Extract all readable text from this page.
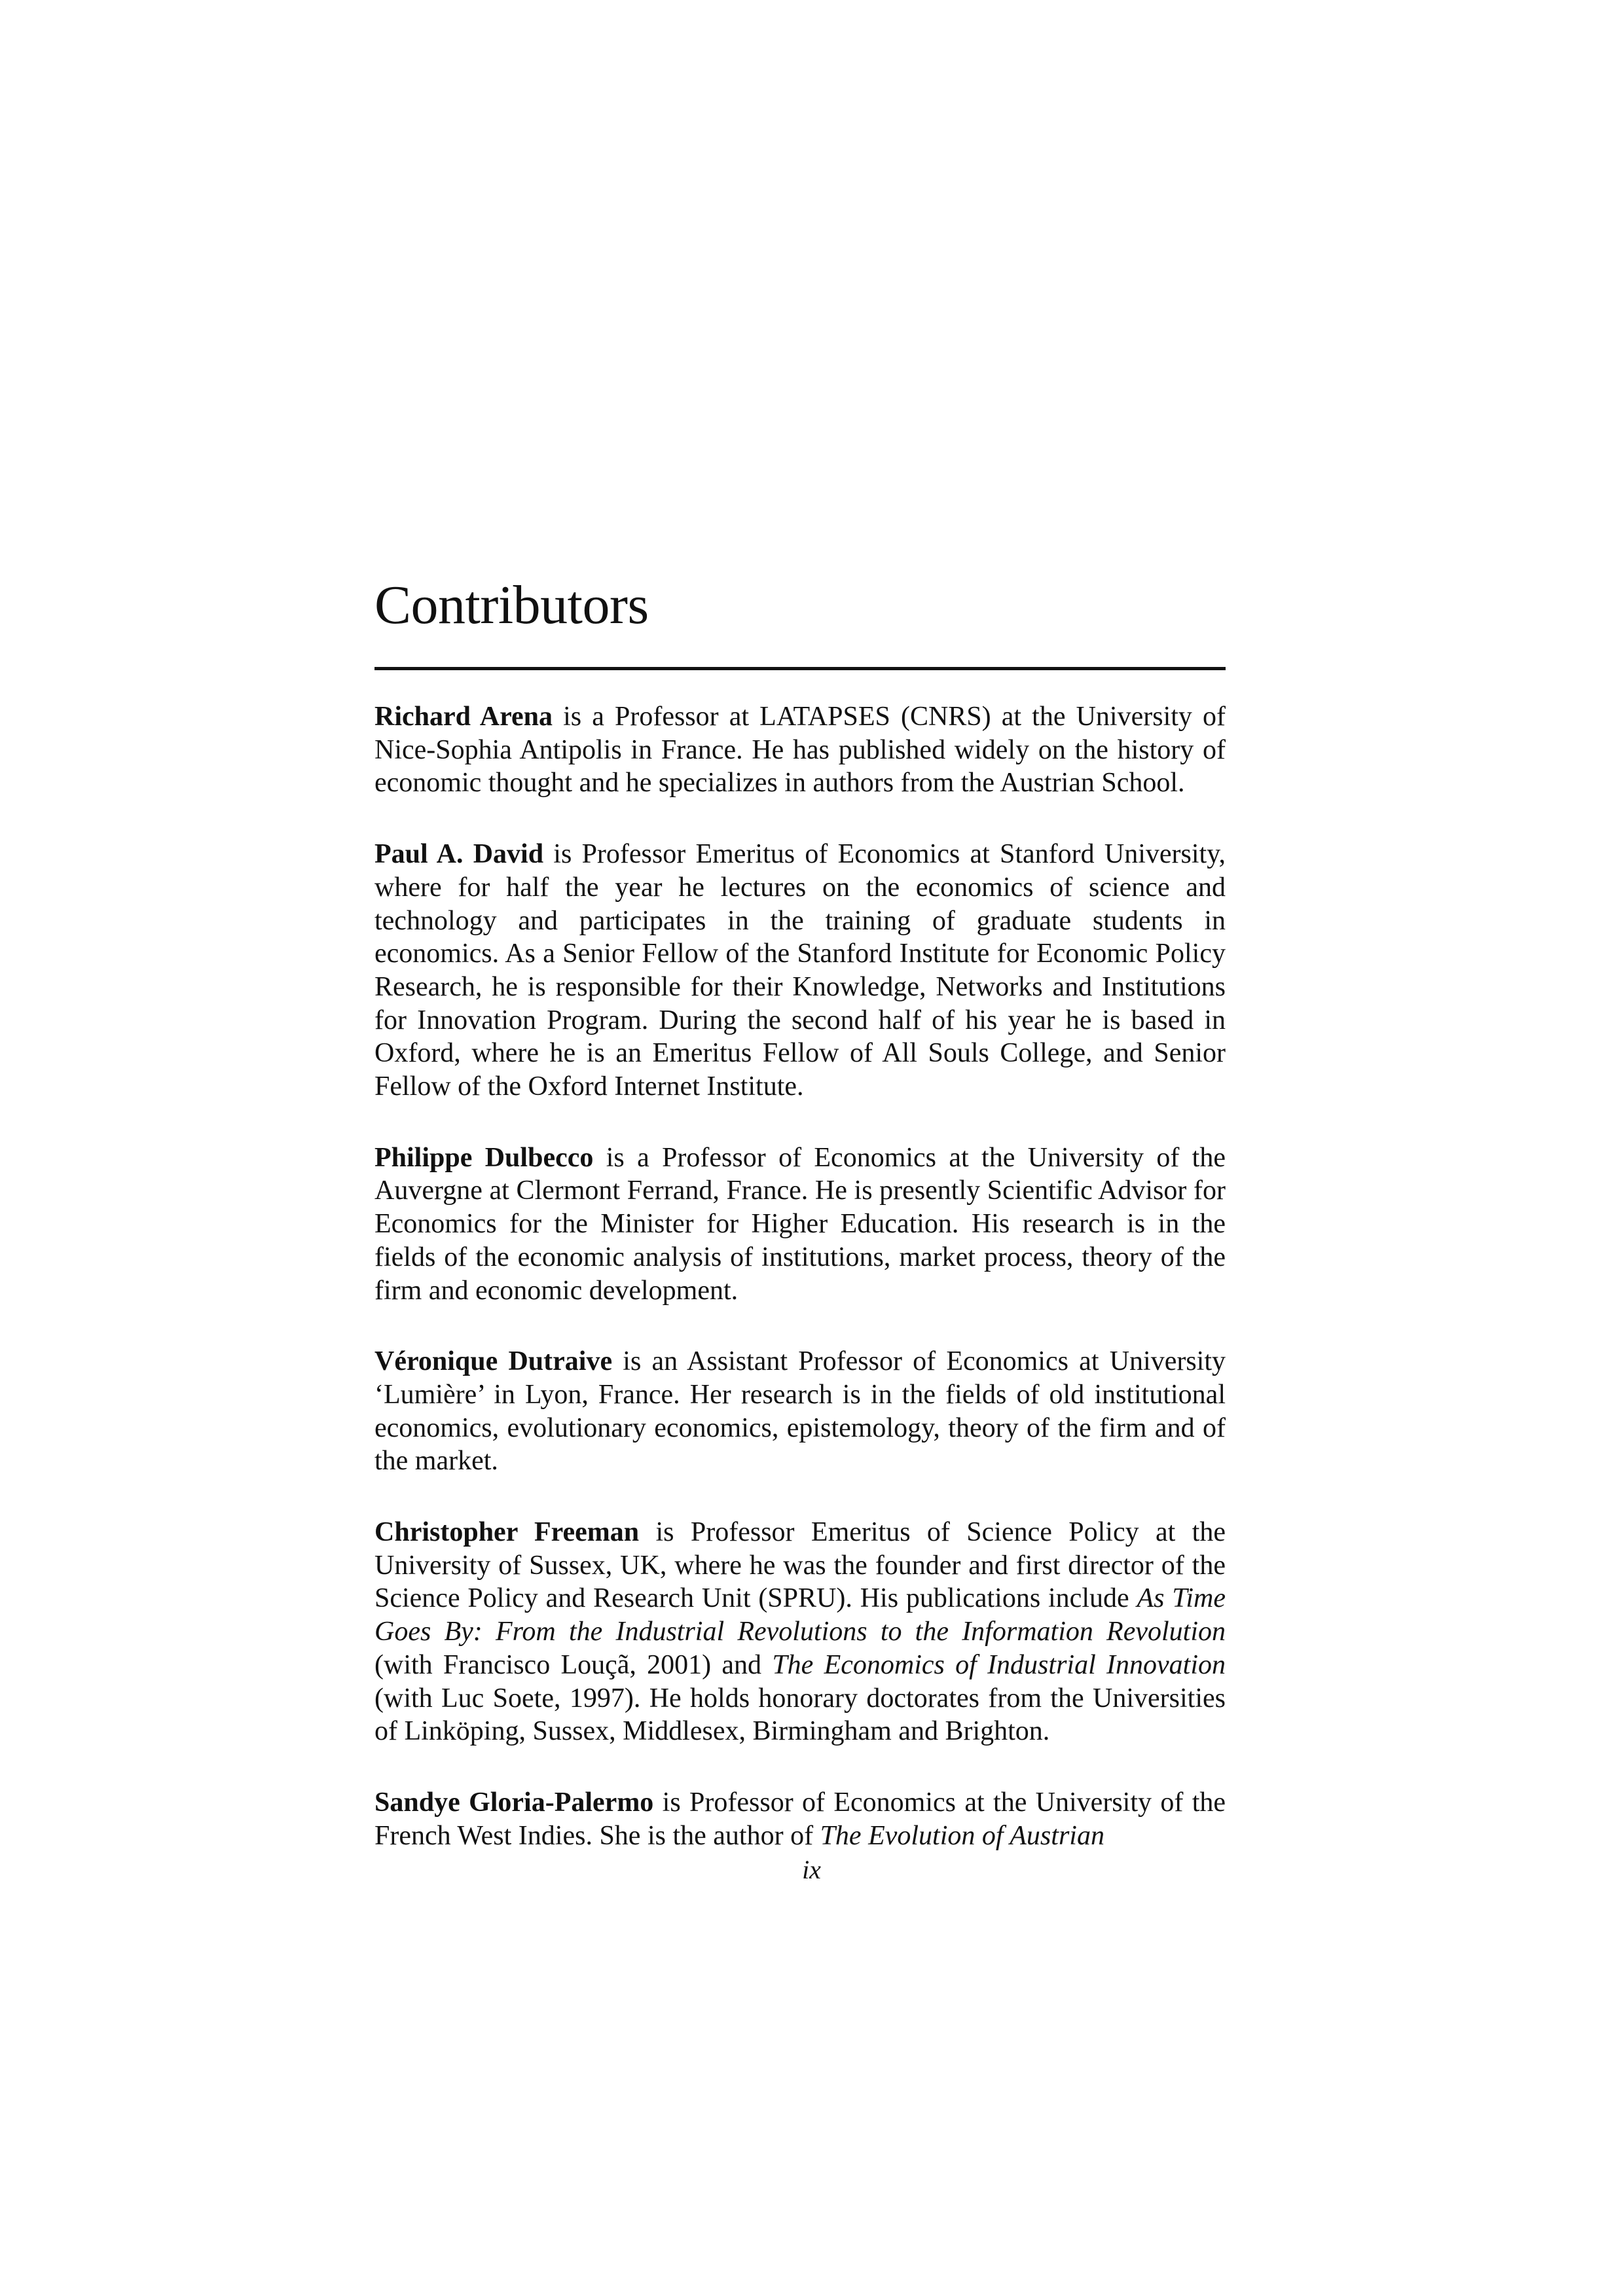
Contributors

Richard Arena is a Professor at LATAPSES (CNRS) at the University of Nice-Sophia Antipolis in France. He has published widely on the history of economic thought and he specializes in authors from the Austrian School.

Paul A. David is Professor Emeritus of Economics at Stanford University, where for half the year he lectures on the economics of science and technology and participates in the training of graduate students in economics. As a Senior Fellow of the Stanford Institute for Economic Policy Research, he is responsible for their Knowledge, Networks and Institutions for Innovation Program. During the second half of his year he is based in Oxford, where he is an Emeritus Fellow of All Souls College, and Senior Fellow of the Oxford Internet Institute.

Philippe Dulbecco is a Professor of Economics at the University of the Auvergne at Clermont Ferrand, France. He is presently Scientific Advisor for Economics for the Minister for Higher Education. His research is in the fields of the economic analysis of institutions, market process, theory of the firm and economic development.

Véronique Dutraive is an Assistant Professor of Economics at University ‘Lumière’ in Lyon, France. Her research is in the fields of old institutional economics, evolutionary economics, epistemology, theory of the firm and of the market.

Christopher Freeman is Professor Emeritus of Science Policy at the University of Sussex, UK, where he was the founder and first director of the Science Policy and Research Unit (SPRU). His publications include As Time Goes By: From the Industrial Revolutions to the Information Revolution (with Francisco Louçã, 2001) and The Economics of Industrial Innovation (with Luc Soete, 1997). He holds honorary doctorates from the Universities of Linköping, Sussex, Middlesex, Birmingham and Brighton.

Sandye Gloria-Palermo is Professor of Economics at the University of the French West Indies. She is the author of The Evolution of Austrian

ix
